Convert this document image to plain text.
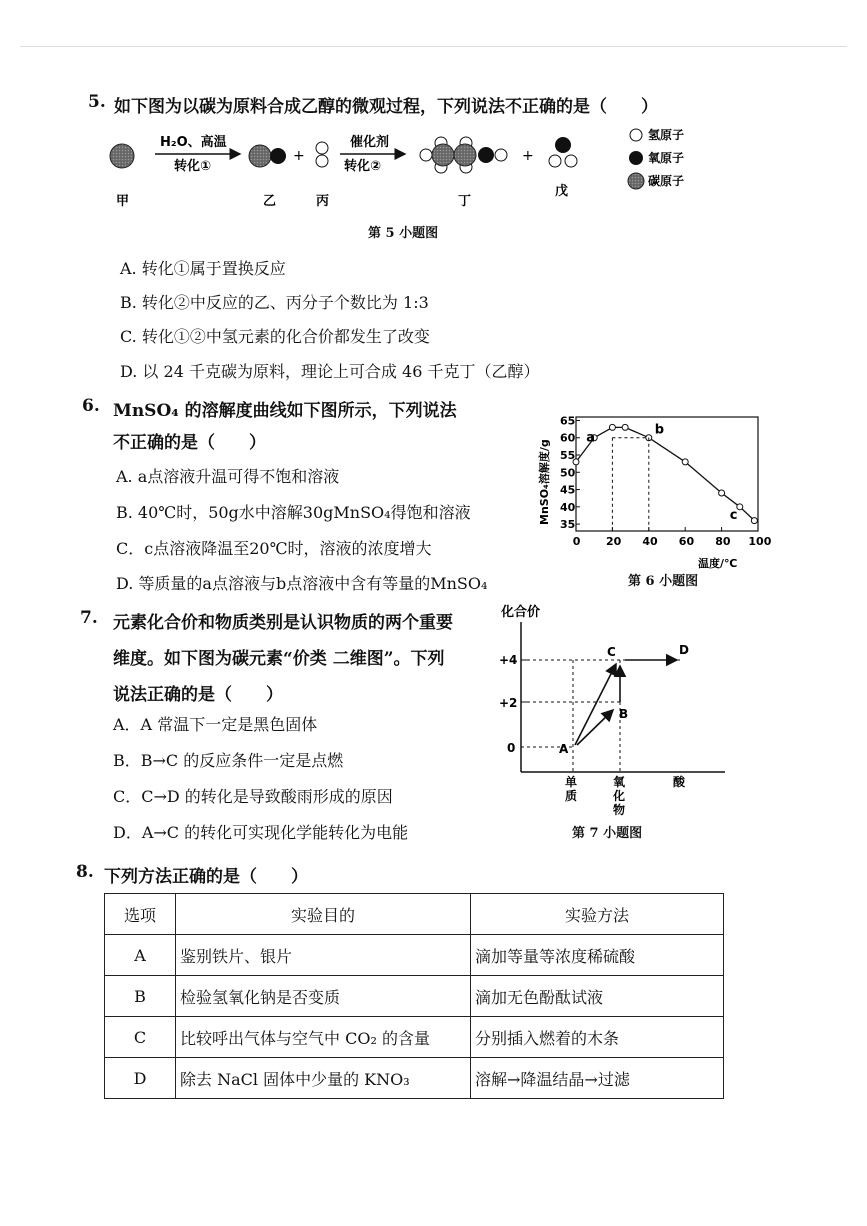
5. 如下图为以碳为原料合成乙醇的微观过程，下列说法不正确的是（　　）
H₂O、高温
转化①
+
催化剂
转化②
+
甲	乙	丙	丁
戊
氢原子
氧原子
碳原子
第 5 小题图
A. 转化①属于置换反应
B. 转化②中反应的乙、丙分子个数比为 1:3
C. 转化①②中氢元素的化合价都发生了改变
D. 以 24 千克碳为原料，理论上可合成 46 千克丁（乙醇）
6. MnSO₄ 的溶解度曲线如下图所示，下列说法
不正确的是（　　）
A. a点溶液升温可得不饱和溶液
B. 40℃时，50g水中溶解30gMnSO₄得饱和溶液
C．c点溶液降温至20℃时，溶液的浓度增大
D. 等质量的a点溶液与b点溶液中含有等量的MnSO₄
MnSO₄溶解度/g
a
b
c
0 20 40 60 80 100
35
40
45
50
55
60
65
温度/℃
第 6 小题图
7. 元素化合价和物质类别是认识物质的两个重要
维度。如下图为碳元素“价类 二维图”。下列
说法正确的是（　　）
A．A 常温下一定是黑色固体
B．B→C 的反应条件一定是点燃
C．C→D 的转化是导致酸雨形成的原因
D．A→C 的转化可实现化学能转化为电能
化合价
+4
+2
0	A
B
C	D
单
质
氧
化
物
酸
第 7 小题图
8. 下列方法正确的是（　　）
选项	实验目的	实验方法
A	鉴别铁片、银片	滴加等量等浓度稀硫酸
B	检验氢氧化钠是否变质	滴加无色酚酞试液
C	比较呼出气体与空气中 CO₂ 的含量	分别插入燃着的木条
D	除去 NaCl 固体中少量的 KNO₃	溶解→降温结晶→过滤
